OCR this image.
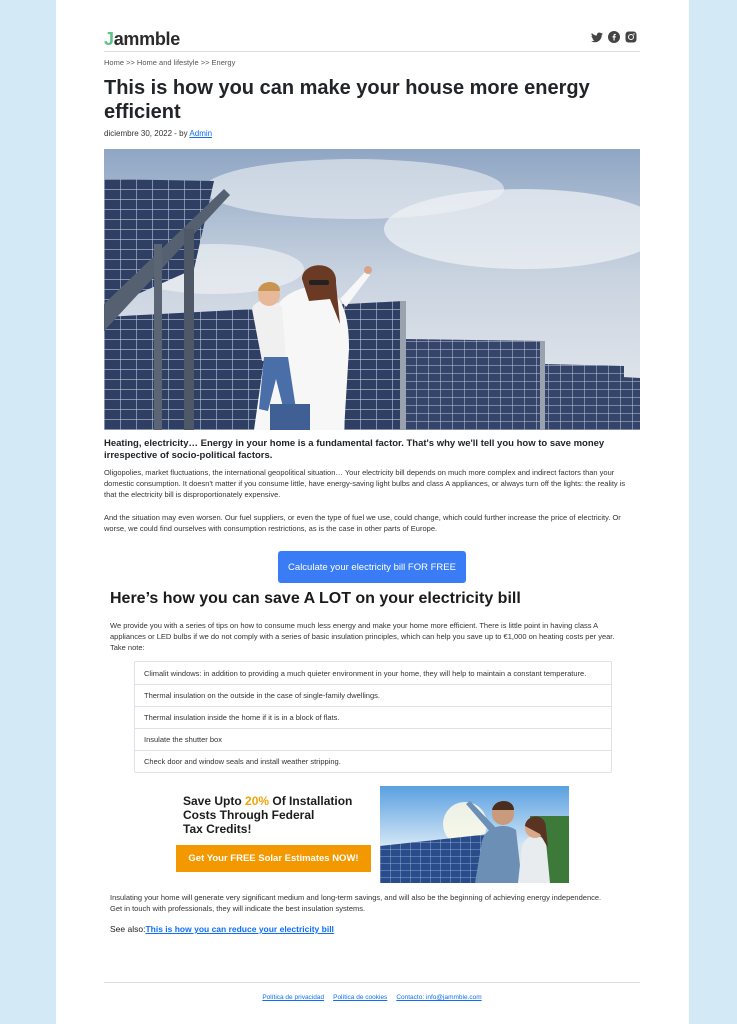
Jammble
Home >> Home and lifestyle >> Energy
This is how you can make your house more energy efficient
diciembre 30, 2022 - by Admin

Heating, electricity… Energy in your home is a fundamental factor. That's why we'll tell you how to save money irrespective of socio-political factors.

Oligopolies, market fluctuations, the international geopolitical situation… Your electricity bill depends on much more complex and indirect factors than your domestic consumption. It doesn't matter if you consume little, have energy-saving light bulbs and class A appliances, or always turn off the lights: the reality is that the electricity bill is disproportionately expensive.

And the situation may even worsen. Our fuel suppliers, or even the type of fuel we use, could change, which could further increase the price of electricity. Or worse, we could find ourselves with consumption restrictions, as is the case in other parts of Europe.

Calculate your electricity bill FOR FREE
Here’s how you can save A LOT on your electricity bill

We provide you with a series of tips on how to consume much less energy and make your home more efficient. There is little point in having class A appliances or LED bulbs if we do not comply with a series of basic insulation principles, which can help you save up to €1,000 on heating costs per year. Take note:

Climalit windows: in addition to providing a much quieter environment in your home, they will help to maintain a constant temperature.
Thermal insulation on the outside in the case of single-family dwellings.
Thermal insulation inside the home if it is in a block of flats.
Insulate the shutter box
Check door and window seals and install weather stripping.
Save Upto 20% Of Installation
Costs Through Federal
Tax Credits!
Get Your FREE Solar Estimates NOW!

Insulating your home will generate very significant medium and long-term savings, and will also be the beginning of achieving energy independence. Get in touch with professionals, they will indicate the best insulation systems.

See also:This is how you can reduce your electricity bill
Política de privacidad Política de cookies Contacto: info@jammble.com
